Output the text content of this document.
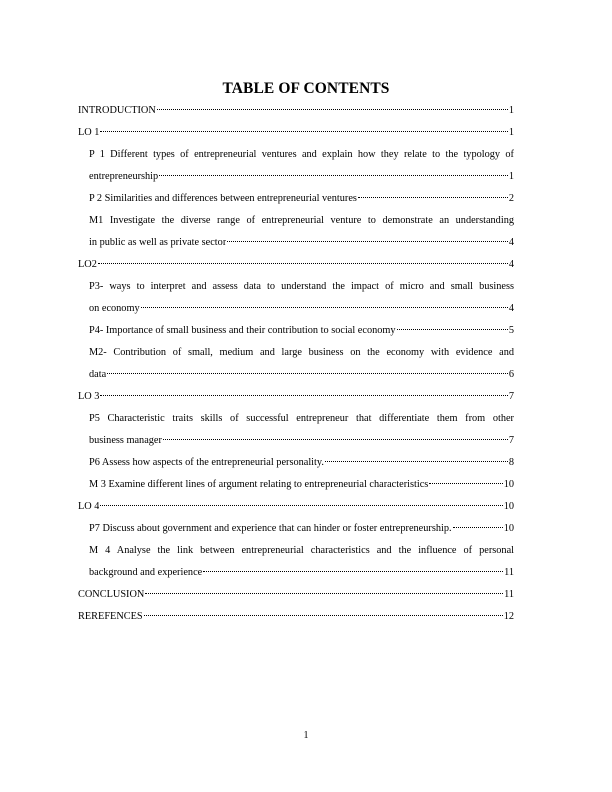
TABLE OF CONTENTS
INTRODUCTION	1
LO 1	1
P 1 Different types of entrepreneurial ventures and explain how they relate to the typology of
entrepreneurship	1
P 2 Similarities and differences between entrepreneurial ventures	2
M1 Investigate the diverse range of entrepreneurial venture to demonstrate an understanding
in public as well as private sector	4
LO2	4
P3- ways to interpret and assess data to understand the impact of micro and small business
on economy	4
P4- Importance of small business and their contribution to social economy	5
M2- Contribution of small, medium and large business on the economy with evidence and
data	6
LO 3	7
P5 Characteristic traits skills of successful entrepreneur that differentiate them from other
business manager	7
P6 Assess how aspects of the entrepreneurial personality.	8
M 3 Examine different lines of argument relating to entrepreneurial characteristics	10
LO 4	10
P7 Discuss about government and experience that can hinder or foster entrepreneurship.	10
M 4 Analyse the link between entrepreneurial characteristics and the influence of personal
background and experience	11
CONCLUSION	11
REREFENCES	12
1
